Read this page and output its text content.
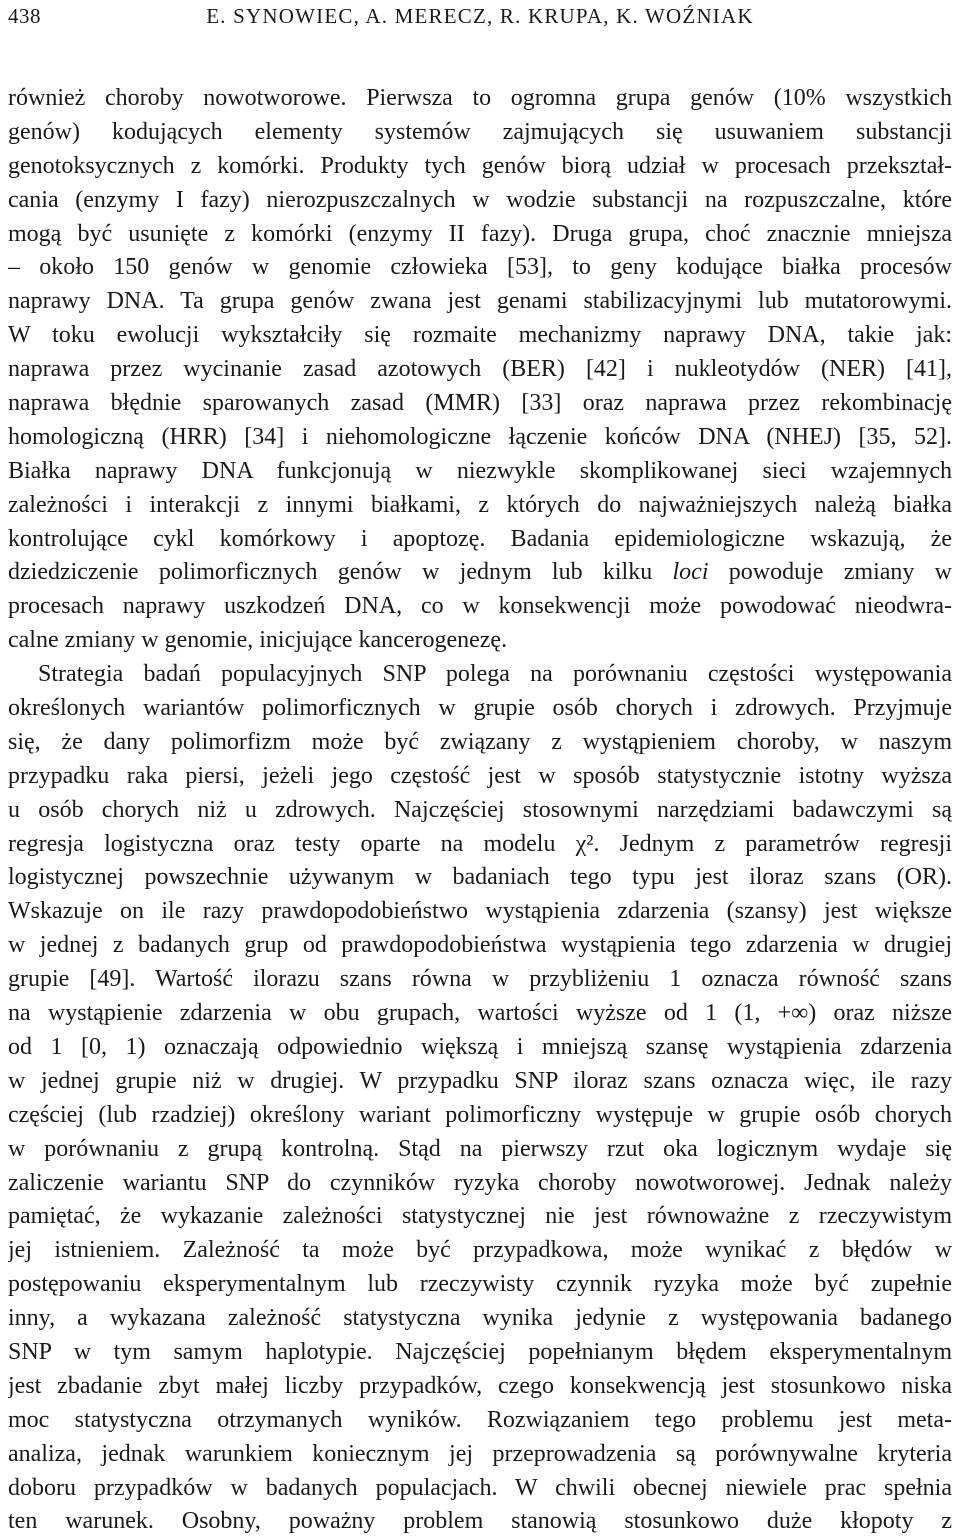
438	E. SYNOWIEC, A. MERECZ, R. KRUPA, K. WOŹNIAK
również choroby nowotworowe. Pierwsza to ogromna grupa genów (10% wszystkich
genów) kodujących elementy systemów zajmujących się usuwaniem substancji
genotoksycznych z komórki. Produkty tych genów biorą udział w procesach przekształ-
cania (enzymy I fazy) nierozpuszczalnych w wodzie substancji na rozpuszczalne, które
mogą być usunięte z komórki (enzymy II fazy). Druga grupa, choć znacznie mniejsza
– około 150 genów w genomie człowieka [53], to geny kodujące białka procesów
naprawy DNA. Ta grupa genów zwana jest genami stabilizacyjnymi lub mutatorowymi.
W toku ewolucji wykształciły się rozmaite mechanizmy naprawy DNA, takie jak:
naprawa przez wycinanie zasad azotowych (BER) [42] i nukleotydów (NER) [41],
naprawa błędnie sparowanych zasad (MMR) [33] oraz naprawa przez rekombinację
homologiczną (HRR) [34] i niehomologiczne łączenie końców DNA (NHEJ) [35, 52].
Białka naprawy DNA funkcjonują w niezwykle skomplikowanej sieci wzajemnych
zależności i interakcji z innymi białkami, z których do najważniejszych należą białka
kontrolujące cykl komórkowy i apoptozę. Badania epidemiologiczne wskazują, że
dziedziczenie polimorficznych genów w jednym lub kilku loci powoduje zmiany w
procesach naprawy uszkodzeń DNA, co w konsekwencji może powodować nieodwra-
calne zmiany w genomie, inicjujące kancerogenezę.
Strategia badań populacyjnych SNP polega na porównaniu częstości występowania
określonych wariantów polimorficznych w grupie osób chorych i zdrowych. Przyjmuje
się, że dany polimorfizm może być związany z wystąpieniem choroby, w naszym
przypadku raka piersi, jeżeli jego częstość jest w sposób statystycznie istotny wyższa
u osób chorych niż u zdrowych. Najczęściej stosownymi narzędziami badawczymi są
regresja logistyczna oraz testy oparte na modelu χ². Jednym z parametrów regresji
logistycznej powszechnie używanym w badaniach tego typu jest iloraz szans (OR).
Wskazuje on ile razy prawdopodobieństwo wystąpienia zdarzenia (szansy) jest większe
w jednej z badanych grup od prawdopodobieństwa wystąpienia tego zdarzenia w drugiej
grupie [49]. Wartość ilorazu szans równa w przybliżeniu 1 oznacza równość szans
na wystąpienie zdarzenia w obu grupach, wartości wyższe od 1 (1, +∞) oraz niższe
od 1 [0, 1) oznaczają odpowiednio większą i mniejszą szansę wystąpienia zdarzenia
w jednej grupie niż w drugiej. W przypadku SNP iloraz szans oznacza więc, ile razy
częściej (lub rzadziej) określony wariant polimorficzny występuje w grupie osób chorych
w porównaniu z grupą kontrolną. Stąd na pierwszy rzut oka logicznym wydaje się
zaliczenie wariantu SNP do czynników ryzyka choroby nowotworowej. Jednak należy
pamiętać, że wykazanie zależności statystycznej nie jest równoważne z rzeczywistym
jej istnieniem. Zależność ta może być przypadkowa, może wynikać z błędów w
postępowaniu eksperymentalnym lub rzeczywisty czynnik ryzyka może być zupełnie
inny, a wykazana zależność statystyczna wynika jedynie z występowania badanego
SNP w tym samym haplotypie. Najczęściej popełnianym błędem eksperymentalnym
jest zbadanie zbyt małej liczby przypadków, czego konsekwencją jest stosunkowo niska
moc statystyczna otrzymanych wyników. Rozwiązaniem tego problemu jest meta-
analiza, jednak warunkiem koniecznym jej przeprowadzenia są porównywalne kryteria
doboru przypadków w badanych populacjach. W chwili obecnej niewiele prac spełnia
ten warunek. Osobny, poważny problem stanowią stosunkowo duże kłopoty z
